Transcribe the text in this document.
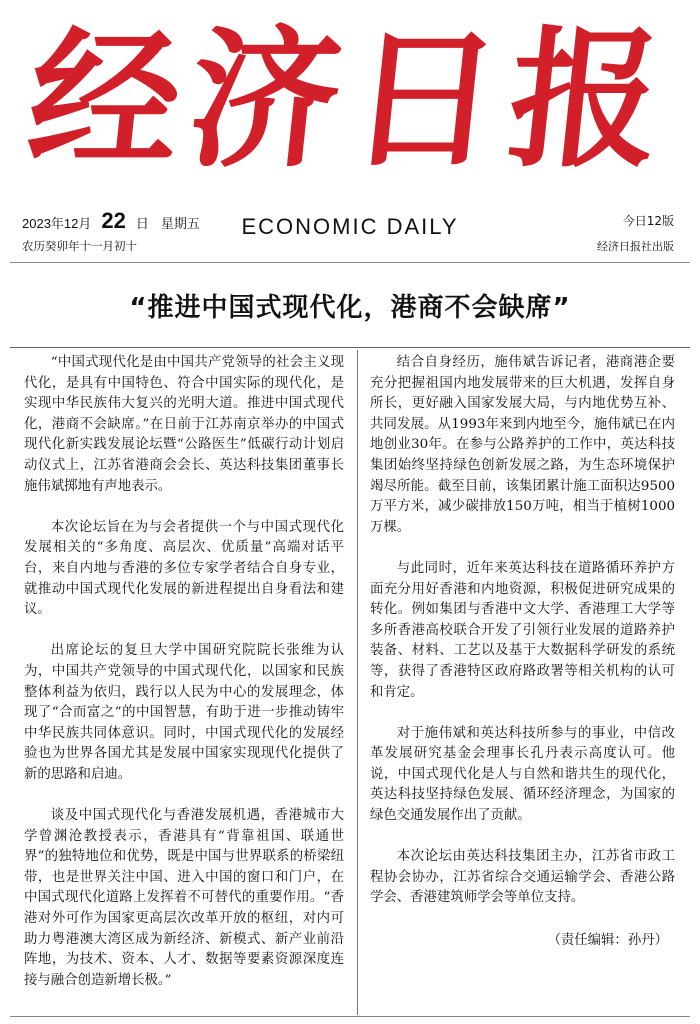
经济日报
2023年12月 22 日 星期五
农历癸卯年十一月初十
ECONOMIC DAILY	今日12版
经济日报社出版
“推进中国式现代化，港商不会缺席”

“中国式现代化是由中国共产党领导的社会主义现代化，是具有中国特色、符合中国实际的现代化，是实现中华民族伟大复兴的光明大道。推进中国式现代化，港商不会缺席。”在日前于江苏南京举办的中国式现代化新实践发展论坛暨“公路医生”低碳行动计划启动仪式上，江苏省港商会会长、英达科技集团董事长施伟斌掷地有声地表示。

本次论坛旨在为与会者提供一个与中国式现代化发展相关的“多角度、高层次、优质量”高端对话平台，来自内地与香港的多位专家学者结合自身专业，就推动中国式现代化发展的新进程提出自身看法和建议。

出席论坛的复旦大学中国研究院院长张维为认为，中国共产党领导的中国式现代化，以国家和民族整体利益为依归，践行以人民为中心的发展理念，体现了“合而富之”的中国智慧，有助于进一步推动铸牢中华民族共同体意识。同时，中国式现代化的发展经验也为世界各国尤其是发展中国家实现现代化提供了新的思路和启迪。

谈及中国式现代化与香港发展机遇，香港城市大学曾渊沧教授表示，香港具有“背靠祖国、联通世界”的独特地位和优势，既是中国与世界联系的桥梁纽带，也是世界关注中国、进入中国的窗口和门户，在中国式现代化道路上发挥着不可替代的重要作用。“香港对外可作为国家更高层次改革开放的枢纽，对内可助力粤港澳大湾区成为新经济、新模式、新产业前沿阵地，为技术、资本、人才、数据等要素资源深度连接与融合创造新增长极。”

结合自身经历，施伟斌告诉记者，港商港企要充分把握祖国内地发展带来的巨大机遇，发挥自身所长，更好融入国家发展大局，与内地优势互补、共同发展。从1993年来到内地至今，施伟斌已在内地创业30年。在参与公路养护的工作中，英达科技集团始终坚持绿色创新发展之路，为生态环境保护竭尽所能。截至目前，该集团累计施工面积达9500万平方米，减少碳排放150万吨，相当于植树1000万棵。

与此同时，近年来英达科技在道路循环养护方面充分用好香港和内地资源，积极促进研究成果的转化。例如集团与香港中文大学、香港理工大学等多所香港高校联合开发了引领行业发展的道路养护装备、材料、工艺以及基于大数据科学研发的系统等，获得了香港特区政府路政署等相关机构的认可和肯定。

对于施伟斌和英达科技所参与的事业，中信改革发展研究基金会理事长孔丹表示高度认可。他说，中国式现代化是人与自然和谐共生的现代化，英达科技坚持绿色发展、循环经济理念，为国家的绿色交通发展作出了贡献。

本次论坛由英达科技集团主办，江苏省市政工程协会协办，江苏省综合交通运输学会、香港公路学会、香港建筑师学会等单位支持。

（责任编辑：孙丹）
